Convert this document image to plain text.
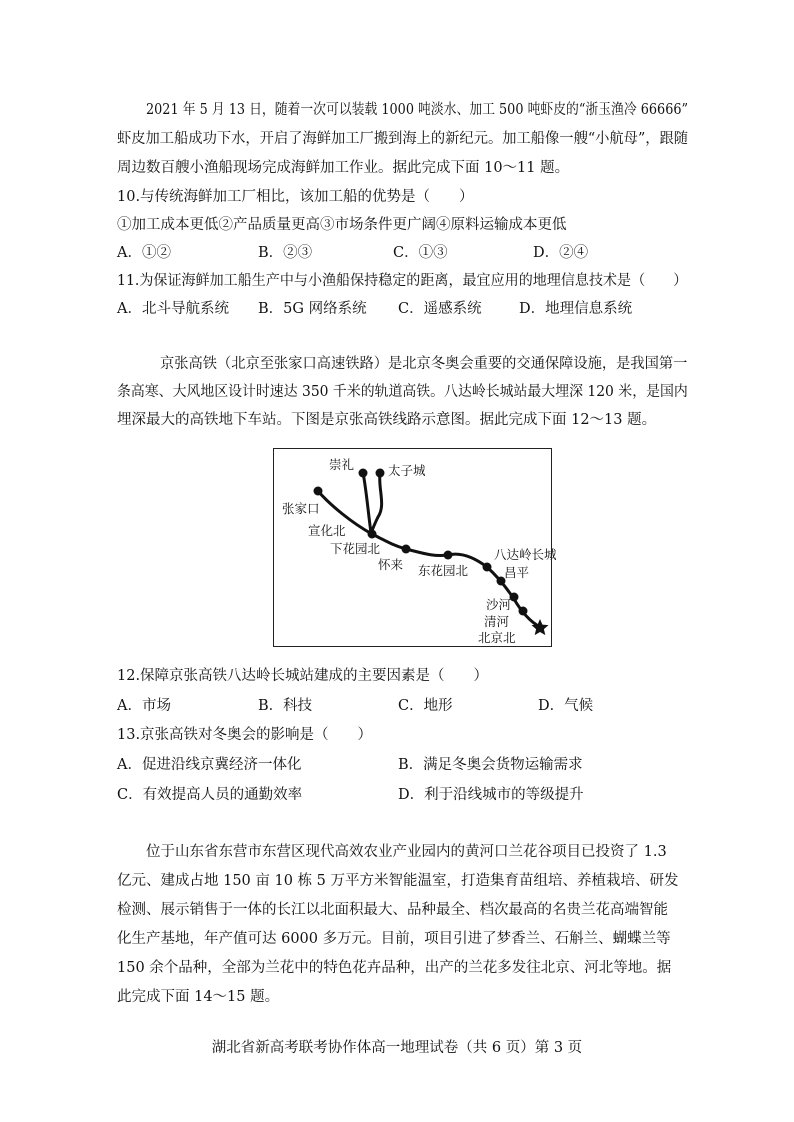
2021 年 5 月 13 日，随着一次可以装载 1000 吨淡水、加工 500 吨虾皮的“浙玉渔冷 66666”
虾皮加工船成功下水，开启了海鲜加工厂搬到海上的新纪元。加工船像一艘“小航母”，跟随
周边数百艘小渔船现场完成海鲜加工作业。据此完成下面 10～11 题。
10.与传统海鲜加工厂相比，该加工船的优势是（　　）
①加工成本更低②产品质量更高③市场条件更广阔④原料运输成本更低
A．①②	B．②③	C．①③	D．②④
11.为保证海鲜加工船生产中与小渔船保持稳定的距离，最宜应用的地理信息技术是（　　）
A．北斗导航系统 B．5G 网络系统 C．遥感系统	D．地理信息系统
京张高铁（北京至张家口高速铁路）是北京冬奥会重要的交通保障设施，是我国第一
条高寒、大风地区设计时速达 350 千米的轨道高铁。八达岭长城站最大埋深 120 米，是国内
埋深最大的高铁地下车站。下图是京张高铁线路示意图。据此完成下面 12～13 题。
崇礼	太子城
张家口
宣化北
下花园北
怀来 东花园北
八达岭长城
昌平
沙河
清河
北京北
12.保障京张高铁八达岭长城站建成的主要因素是（　　）
A．市场	B．科技	C．地形	D．气候
13.京张高铁对冬奥会的影响是（　　）
A．促进沿线京冀经济一体化	B．满足冬奥会货物运输需求
C．有效提高人员的通勤效率	D．利于沿线城市的等级提升
位于山东省东营市东营区现代高效农业产业园内的黄河口兰花谷项目已投资了 1.3
亿元、建成占地 150 亩 10 栋 5 万平方米智能温室，打造集育苗组培、养植栽培、研发
检测、展示销售于一体的长江以北面积最大、品种最全、档次最高的名贵兰花高端智能
化生产基地，年产值可达 6000 多万元。目前，项目引进了梦香兰、石斛兰、蝴蝶兰等
150 余个品种，全部为兰花中的特色花卉品种，出产的兰花多发往北京、河北等地。据
此完成下面 14～15 题。
湖北省新高考联考协作体高一地理试卷（共 6 页）第 3 页
